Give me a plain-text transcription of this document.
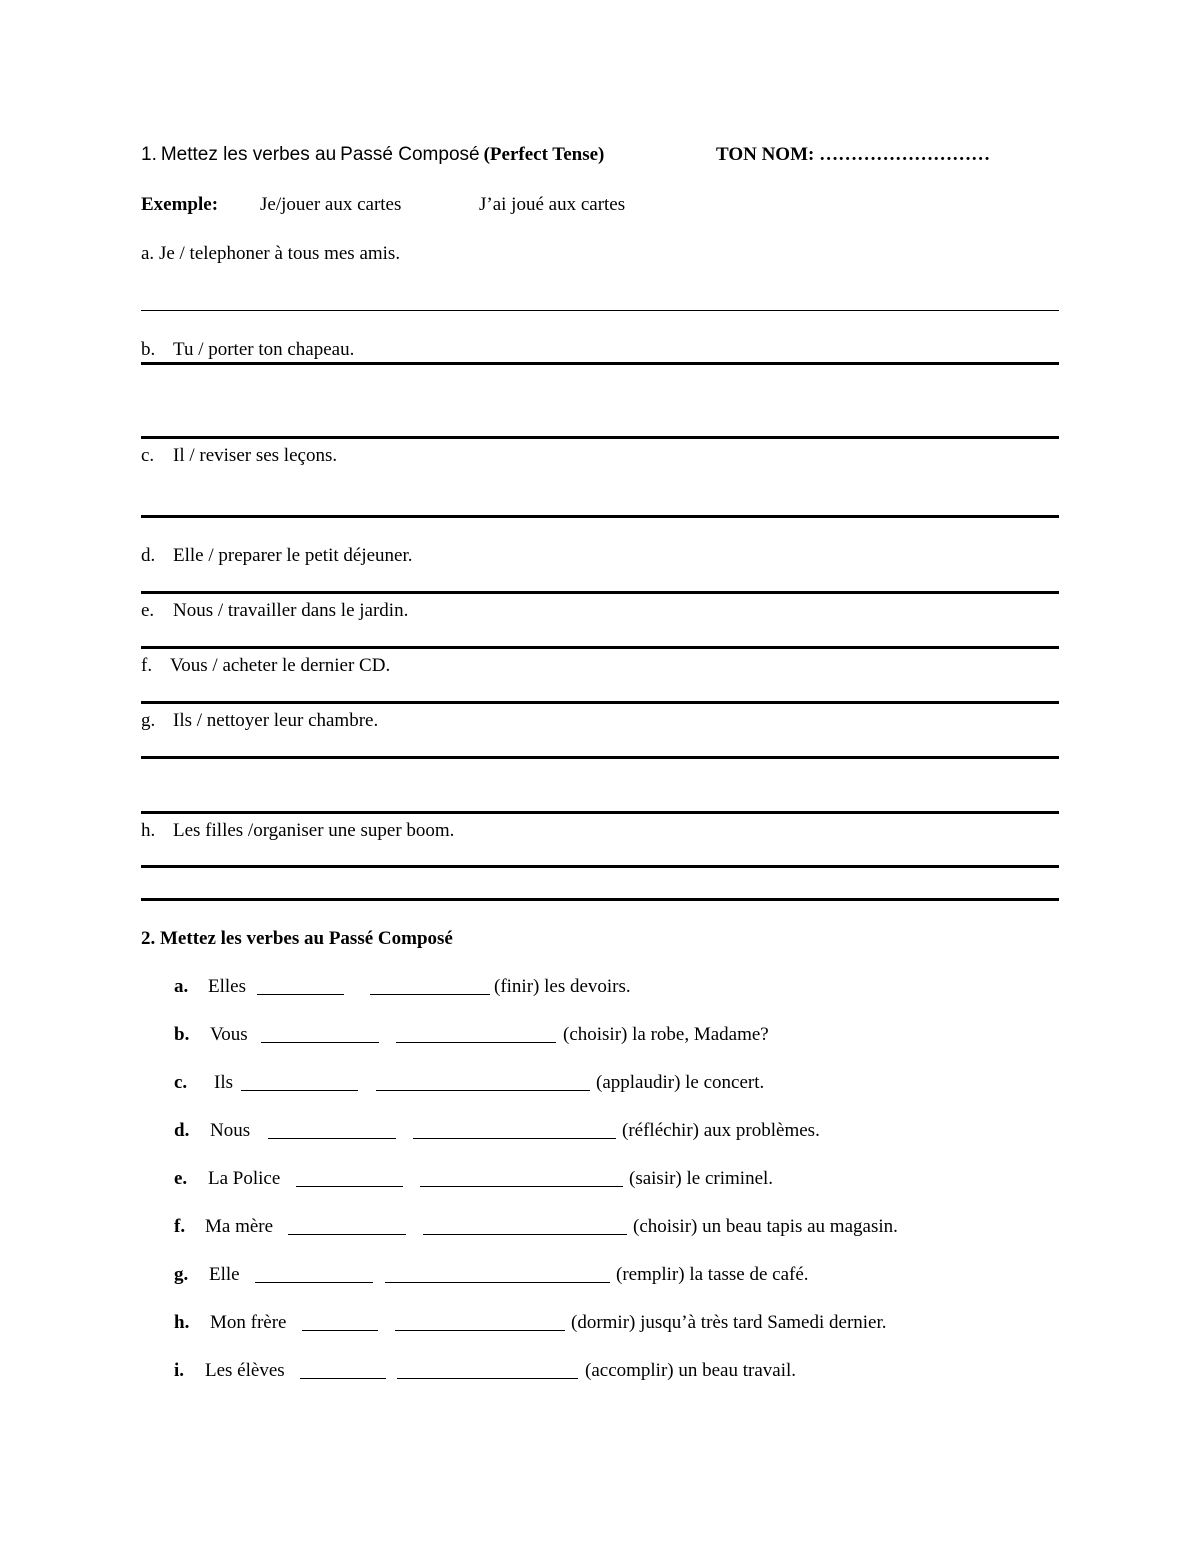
1. Mettez les verbes au Passé Composé (Perfect Tense)	TON NOM: ………………………
Exemple: Je/jouer aux cartes	J’ai joué aux cartes
a. Je / telephoner à tous mes amis.
b. Tu / porter ton chapeau.
c. Il / reviser ses leçons.
d. Elle / preparer le petit déjeuner.
e. Nous / travailler dans le jardin.
f. Vous / acheter le dernier CD.
g. Ils / nettoyer leur chambre.
h. Les filles /organiser une super boom.
2. Mettez les verbes au Passé Composé
a. Elles	(finir) les devoirs.
b. Vous	(choisir) la robe, Madame?
c. Ils	(applaudir) le concert.
d. Nous	(réfléchir) aux problèmes.
e. La Police	(saisir) le criminel.
f. Ma mère	(choisir) un beau tapis au magasin.
g. Elle	(remplir) la tasse de café.
h. Mon frère	(dormir) jusqu’à très tard Samedi dernier.
i. Les élèves	(accomplir) un beau travail.
